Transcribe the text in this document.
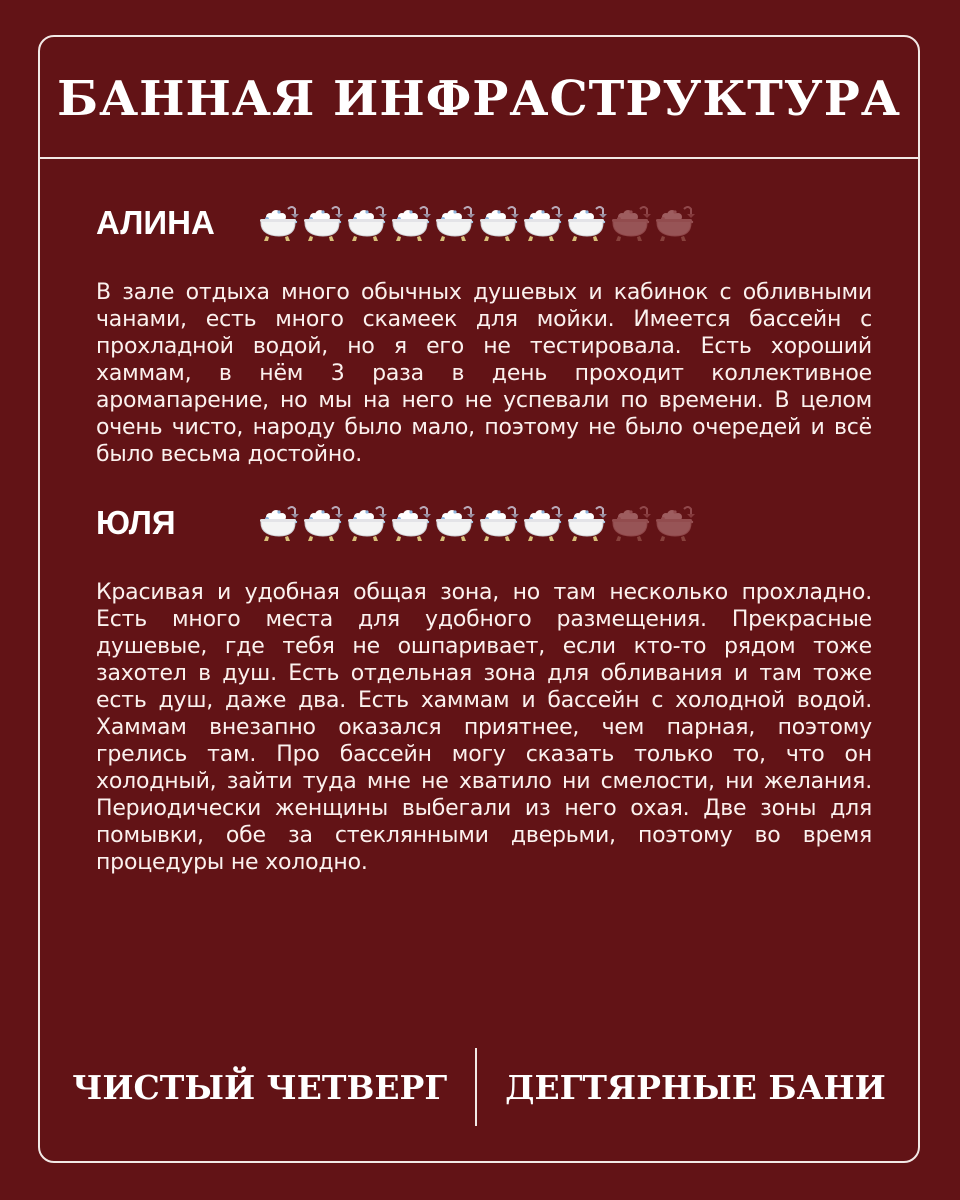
БАННАЯ ИНФРАСТРУКТУРА
АЛИНА
В зале отдыха много обычных душевых и кабинок с обливными чанами, есть много скамеек для мойки. Имеется бассейн с прохладной водой, но я его не тестировала. Есть хороший хаммам, в нём 3 раза в день проходит коллективное аромапарение, но мы на него не успевали по времени. В целом очень чисто, народу было мало, поэтому не было очередей и всё было весьма достойно.
ЮЛЯ
Красивая и удобная общая зона, но там несколько прохладно. Есть много места для удобного размещения. Прекрасные душевые, где тебя не ошпаривает, если кто-то рядом тоже захотел в душ. Есть отдельная зона для обливания и там тоже есть душ, даже два. Есть хаммам и бассейн с холодной водой. Хаммам внезапно оказался приятнее, чем парная, поэтому грелись там. Про бассейн могу сказать только то, что он холодный, зайти туда мне не хватило ни смелости, ни желания. Периодически женщины выбегали из него охая. Две зоны для помывки, обе за стеклянными дверьми, поэтому во время процедуры не холодно.
ЧИСТЫЙ ЧЕТВЕРГ ДЕГТЯРНЫЕ БАНИ
